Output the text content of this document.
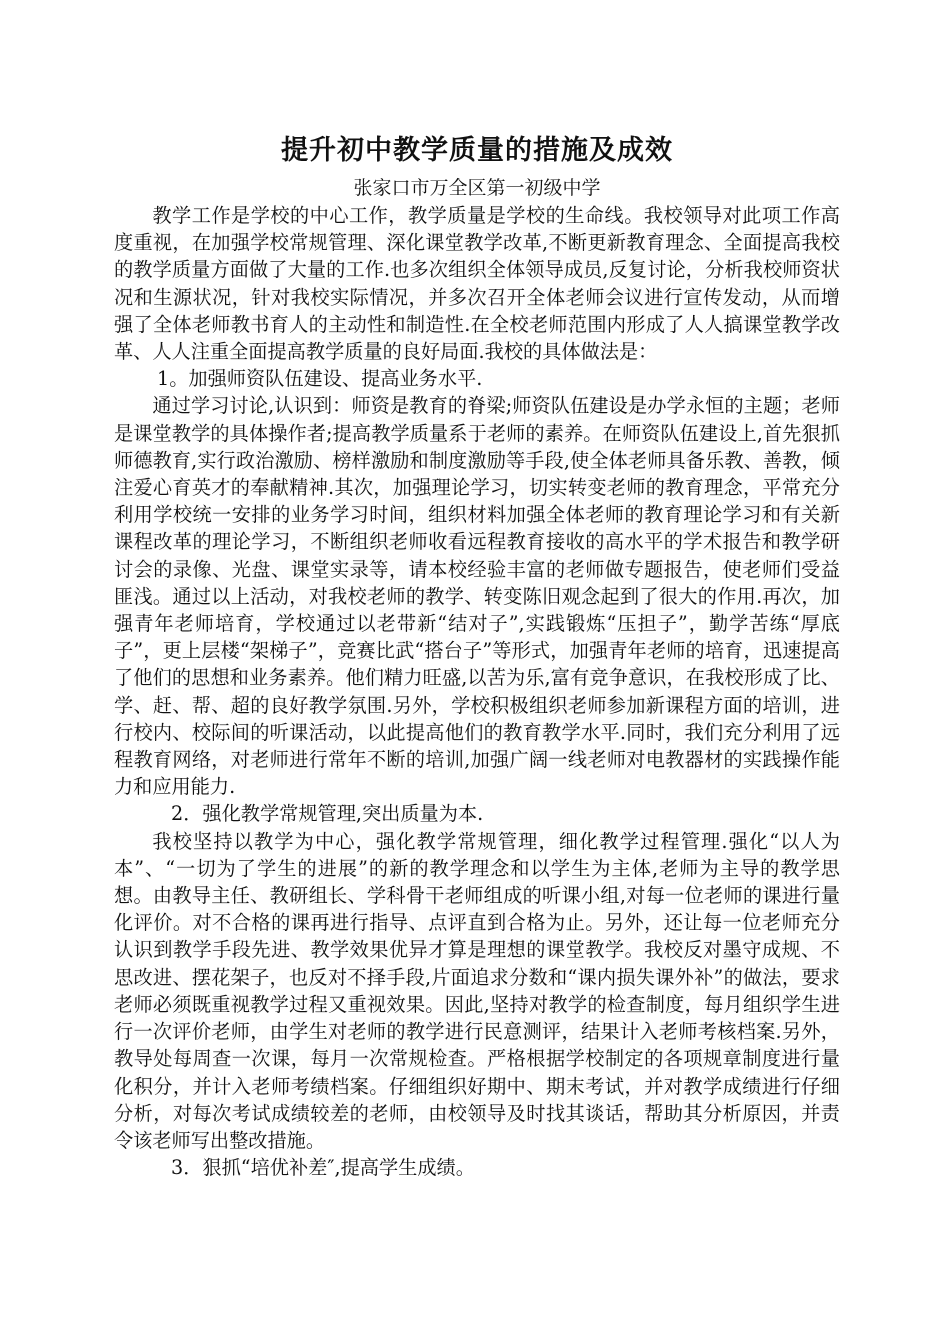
提升初中教学质量的措施及成效

张家口市万全区第一初级中学

教学工作是学校的中心工作，教学质量是学校的生命线。我校领导对此项工作高度重视，在加强学校常规管理、深化课堂教学改革,不断更新教育理念、全面提高我校的教学质量方面做了大量的工作.也多次组织全体领导成员,反复讨论，分析我校师资状况和生源状况，针对我校实际情况，并多次召开全体老师会议进行宣传发动，从而增强了全体老师教书育人的主动性和制造性.在全校老师范围内形成了人人搞课堂教学改革、人人注重全面提高教学质量的良好局面.我校的具体做法是：

1。加强师资队伍建设、提高业务水平.

通过学习讨论,认识到：师资是教育的脊梁;师资队伍建设是办学永恒的主题；老师是课堂教学的具体操作者;提高教学质量系于老师的素养。在师资队伍建设上,首先狠抓师德教育,实行政治激励、榜样激励和制度激励等手段,使全体老师具备乐教、善教，倾注爱心育英才的奉献精神.其次，加强理论学习，切实转变老师的教育理念，平常充分利用学校统一安排的业务学习时间，组织材料加强全体老师的教育理论学习和有关新课程改革的理论学习，不断组织老师收看远程教育接收的高水平的学术报告和教学研讨会的录像、光盘、课堂实录等，请本校经验丰富的老师做专题报告，使老师们受益匪浅。通过以上活动，对我校老师的教学、转变陈旧观念起到了很大的作用.再次，加强青年老师培育，学校通过以老带新“结对子”,实践锻炼“压担子”，勤学苦练“厚底子”，更上层楼“架梯子”，竞赛比武“搭台子”等形式，加强青年老师的培育，迅速提高了他们的思想和业务素养。他们精力旺盛,以苦为乐,富有竞争意识，在我校形成了比、学、赶、帮、超的良好教学氛围.另外，学校积极组织老师参加新课程方面的培训，进行校内、校际间的听课活动，以此提高他们的教育教学水平.同时，我们充分利用了远程教育网络，对老师进行常年不断的培训,加强广阔一线老师对电教器材的实践操作能力和应用能力.

2．强化教学常规管理,突出质量为本.

我校坚持以教学为中心，强化教学常规管理，细化教学过程管理.强化“以人为本”、“一切为了学生的进展”的新的教学理念和以学生为主体,老师为主导的教学思想。由教导主任、教研组长、学科骨干老师组成的听课小组,对每一位老师的课进行量化评价。对不合格的课再进行指导、点评直到合格为止。另外，还让每一位老师充分认识到教学手段先进、教学效果优异才算是理想的课堂教学。我校反对墨守成规、不思改进、摆花架子，也反对不择手段,片面追求分数和“课内损失课外补”的做法，要求老师必须既重视教学过程又重视效果。因此,坚持对教学的检查制度，每月组织学生进行一次评价老师，由学生对老师的教学进行民意测评，结果计入老师考核档案.另外，教导处每周查一次课，每月一次常规检查。严格根据学校制定的各项规章制度进行量化积分，并计入老师考绩档案。仔细组织好期中、期末考试，并对教学成绩进行仔细分析，对每次考试成绩较差的老师，由校领导及时找其谈话，帮助其分析原因，并责令该老师写出整改措施。

3．狠抓“培优补差″,提高学生成绩。
